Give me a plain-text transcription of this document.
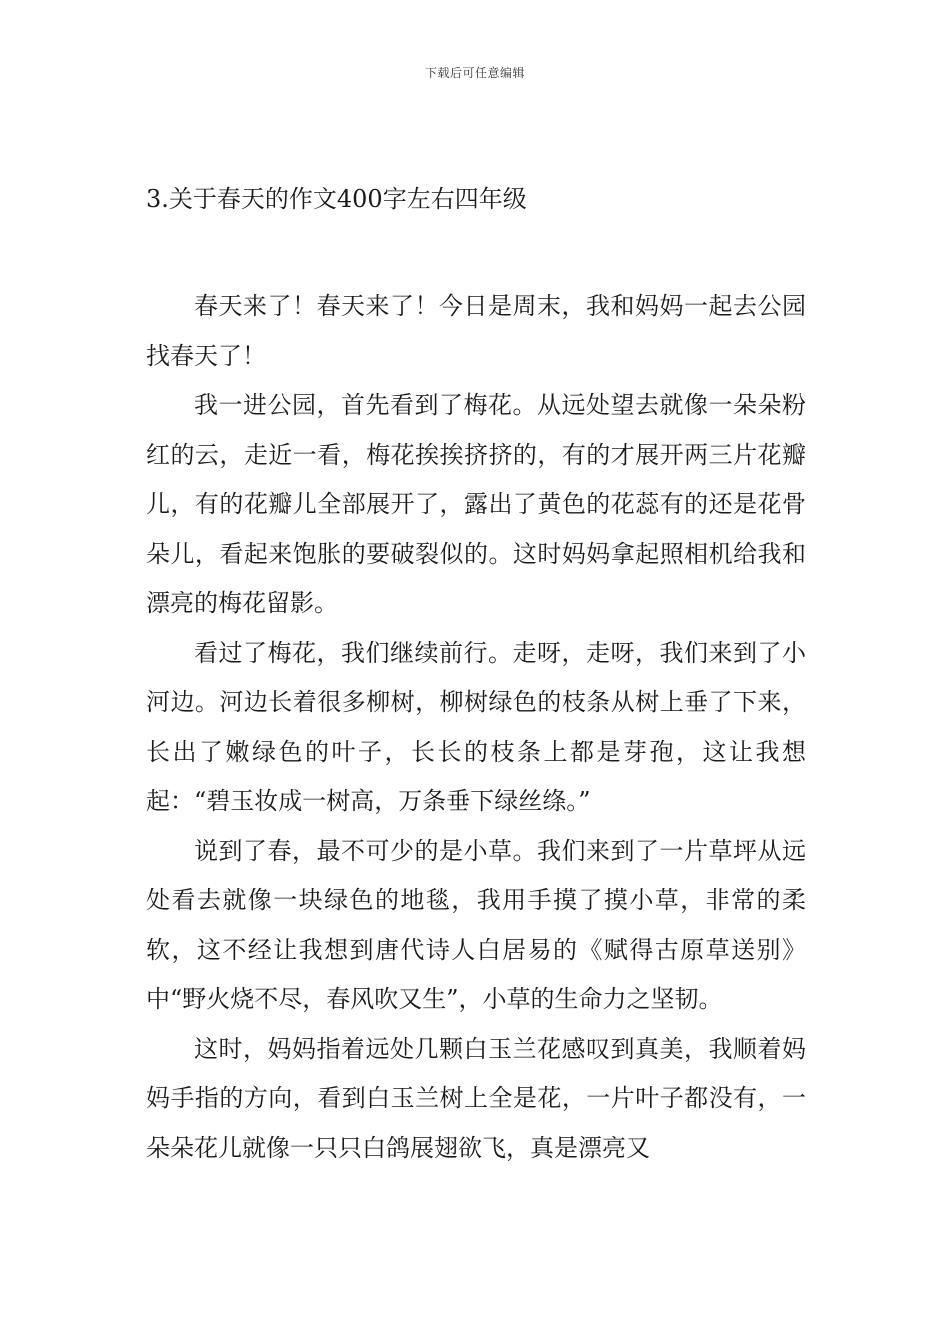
下载后可任意编辑
3.关于春天的作文400字左右四年级

春天来了！春天来了！今日是周末，我和妈妈一起去公园找春天了！

我一进公园，首先看到了梅花。从远处望去就像一朵朵粉红的云，走近一看，梅花挨挨挤挤的，有的才展开两三片花瓣儿，有的花瓣儿全部展开了，露出了黄色的花蕊有的还是花骨朵儿，看起来饱胀的要破裂似的。这时妈妈拿起照相机给我和漂亮的梅花留影。

看过了梅花，我们继续前行。走呀，走呀，我们来到了小河边。河边长着很多柳树，柳树绿色的枝条从树上垂了下来，长出了嫩绿色的叶子，长长的枝条上都是芽孢，这让我想起：“碧玉妆成一树高，万条垂下绿丝绦。”

说到了春，最不可少的是小草。我们来到了一片草坪从远处看去就像一块绿色的地毯，我用手摸了摸小草，非常的柔软，这不经让我想到唐代诗人白居易的《赋得古原草送别》中“野火烧不尽，春风吹又生”，小草的生命力之坚韧。

这时，妈妈指着远处几颗白玉兰花感叹到真美，我顺着妈妈手指的方向，看到白玉兰树上全是花，一片叶子都没有，一朵朵花儿就像一只只白鸽展翅欲飞，真是漂亮又
